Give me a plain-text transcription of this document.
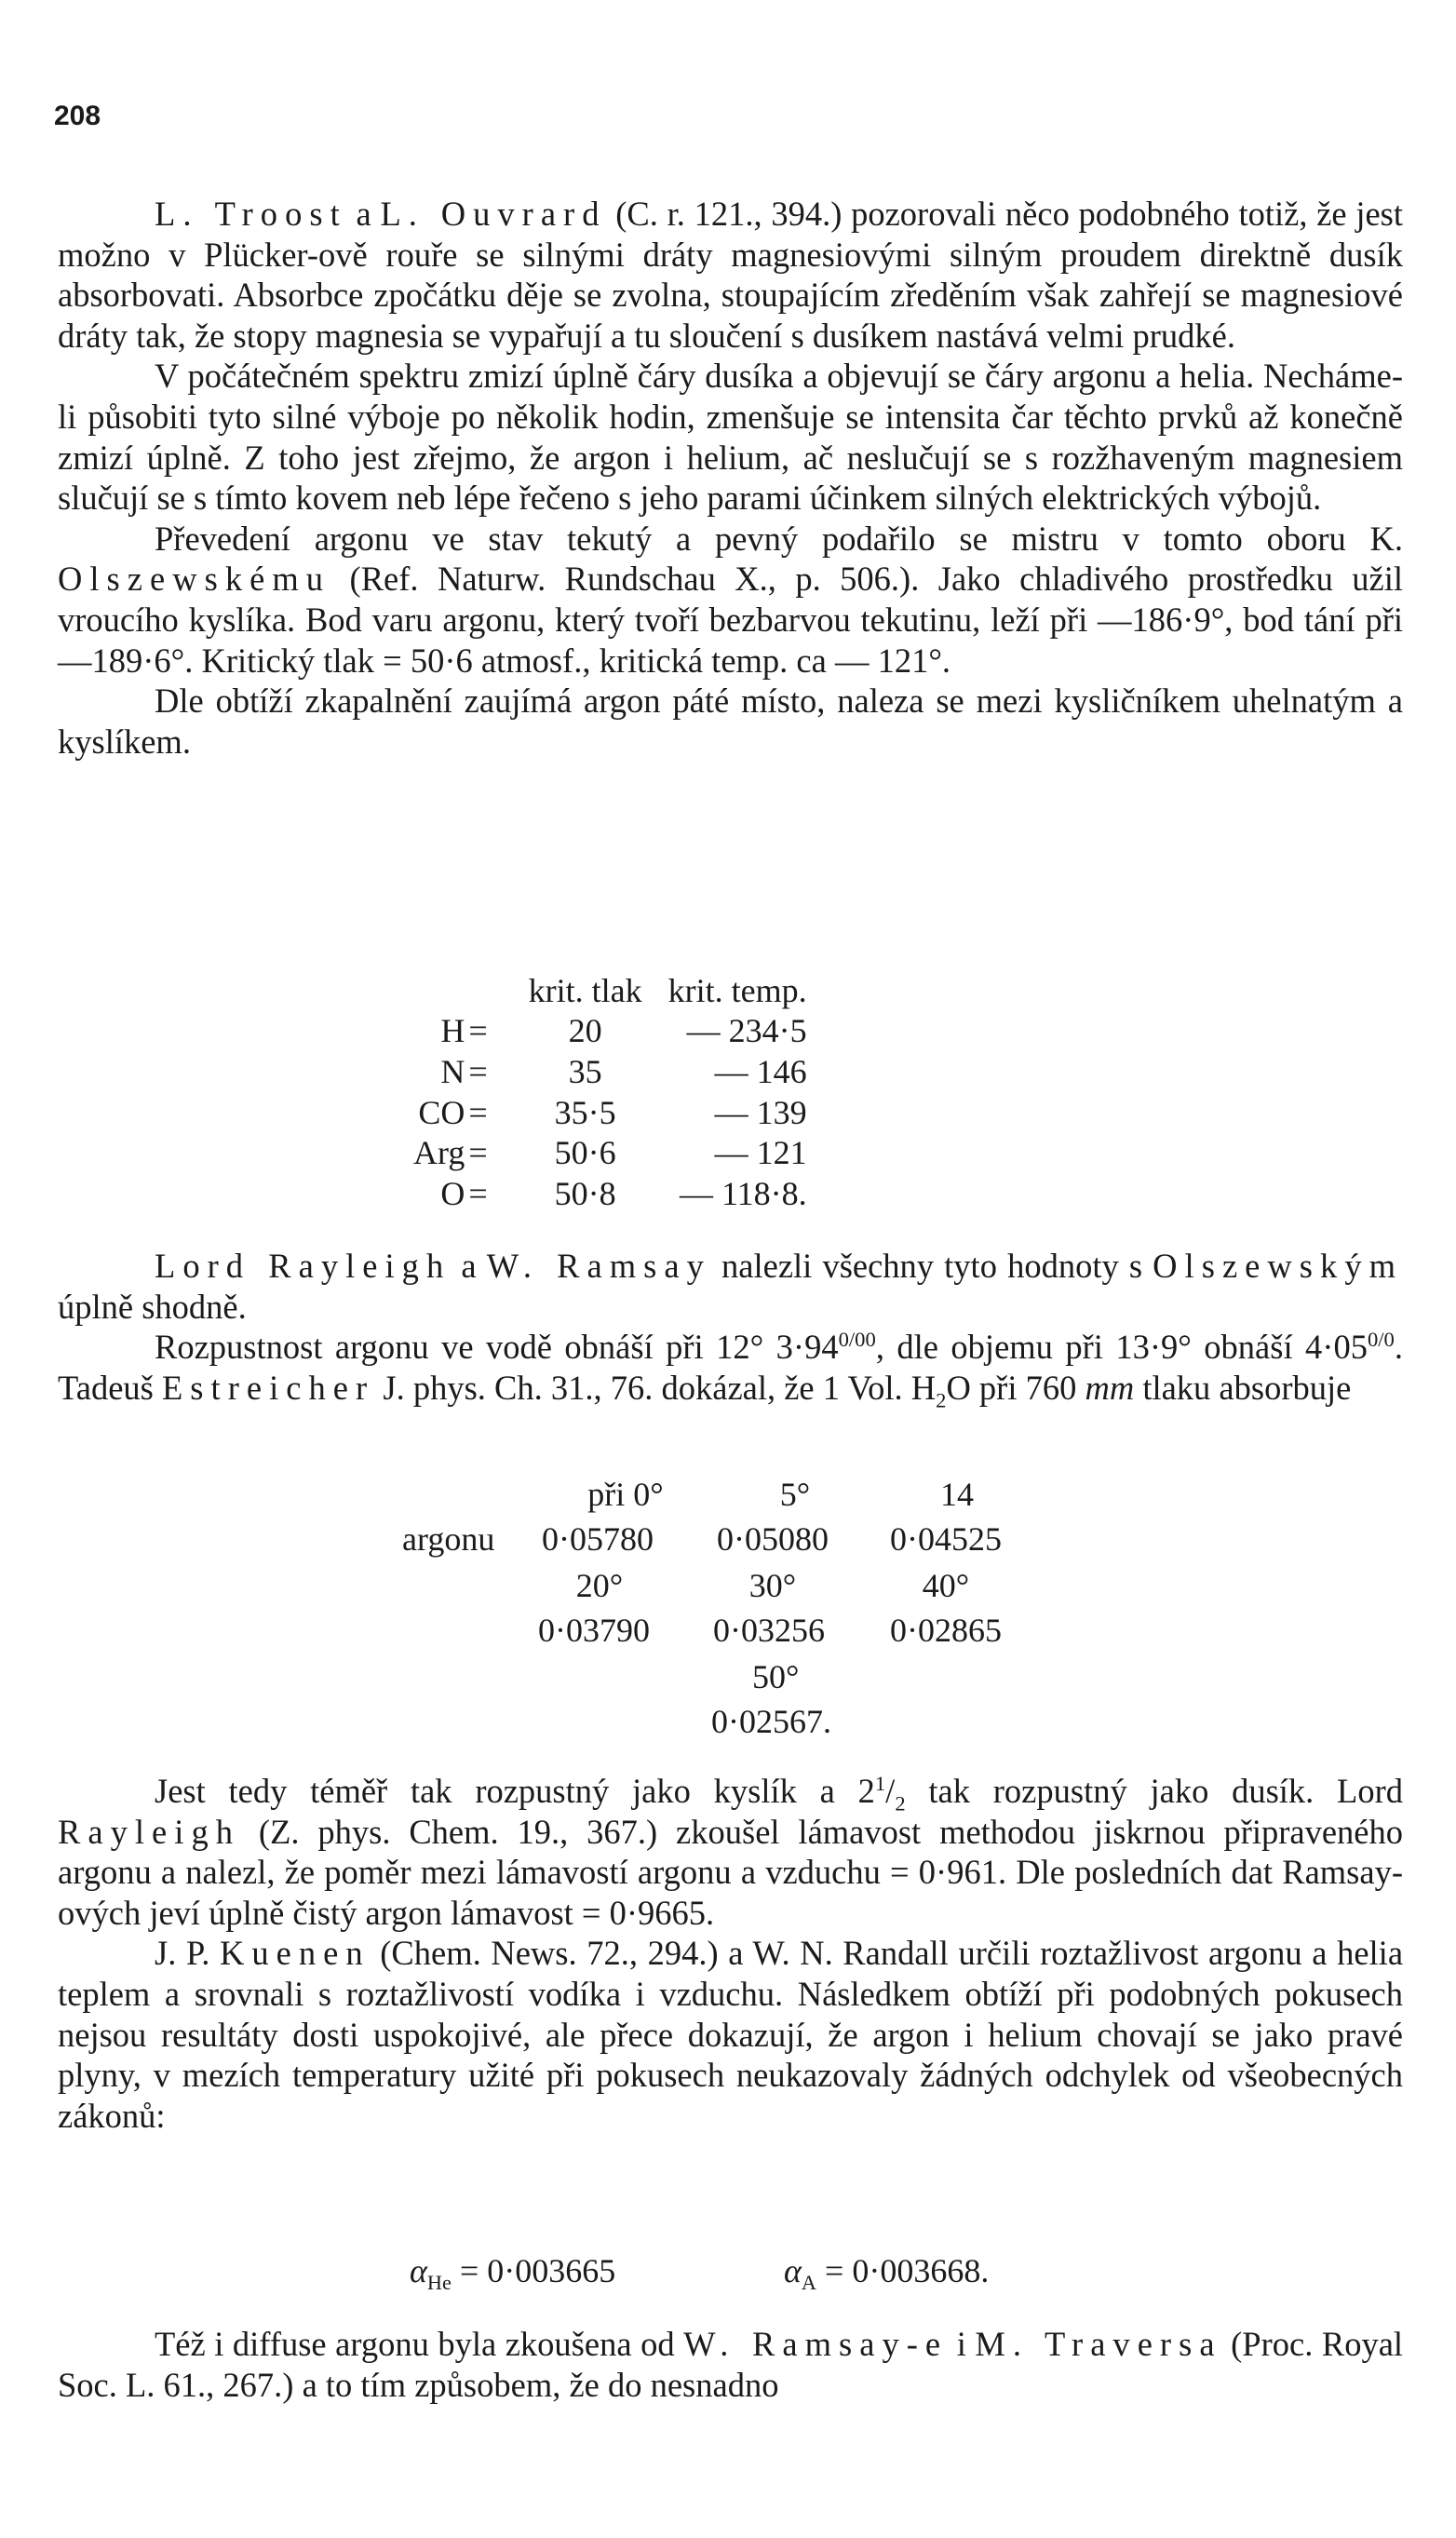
208

L. Troost a L. Ouvrard (C. r. 121., 394.) pozorovali něco podobného totiž, že jest možno v Plücker-ově rouře se silnými dráty magnesiovými silným proudem direktně dusík absorbovati. Absorbce zpočátku děje se zvolna, stoupajícím zředěním však zahřejí se magnesiové dráty tak, že stopy magnesia se vypařují a tu sloučení s dusíkem nastává velmi prudké.

V počátečném spektru zmizí úplně čáry dusíka a objevují se čáry argonu a helia. Necháme-li působiti tyto silné výboje po několik hodin, zmenšuje se intensita čar těchto prvků až konečně zmizí úplně. Z toho jest zřejmo, že argon i helium, ač neslučují se s rozžhaveným magnesiem slučují se s tímto kovem neb lépe řečeno s jeho parami účinkem silných elektrických výbojů.

Převedení argonu ve stav tekutý a pevný podařilo se mistru v tomto oboru K. Olszewskému (Ref. Naturw. Rundschau X., p. 506.). Jako chladivého prostředku užil vroucího kyslíka. Bod varu argonu, který tvoří bezbarvou tekutinu, leží při —186·9°, bod tání při —189·6°. Kritický tlak = 50·6 atmosf., kritická temp. ca — 121°.

Dle obtíží zkapalnění zaujímá argon páté místo, naleza se mezi kysličníkem uhelnatým a kyslíkem.

		krit. tlak	krit. temp.
H	=	20	— 234·5
N	=	35	— 146
CO	=	35·5	— 139
Arg	=	50·6	— 121
O	=	50·8	— 118·8.

Lord Rayleigh a W. Ramsay nalezli všechny tyto hodnoty s Olszewským úplně shodně.

Rozpustnost argonu ve vodě obnáší při 12° $3\cdot 94^{0/00}$, dle objemu při 13·9° obnáší $4\cdot 05^{0/0}$. Tadeuš Estreicher J. phys. Ch. 31., 76. dokázal, že 1 Vol. $H_2O$ při 760 mm tlaku absorbuje

při 0°	5°	14
argonu 0·05780 0·05080 0·04525
20°	30°	40°
0·03790 0·03256 0·02865
50°
0·02567.

Jest tedy téměř tak rozpustný jako kyslík a $2^1/_2$ tak rozpustný jako dusík. Lord Rayleigh (Z. phys. Chem. 19., 367.) zkoušel lámavost methodou jiskrnou připraveného argonu a nalezl, že poměr mezi lámavostí argonu a vzduchu = 0·961. Dle posledních dat Ramsay-ových jeví úplně čistý argon lámavost = 0·9665.

J. P. Kuenen (Chem. News. 72., 294.) a W. N. Randall určili roztažlivost argonu a helia teplem a srovnali s roztažlivostí vodíka i vzduchu. Následkem obtíží při podobných pokusech nejsou resultáty dosti uspokojivé, ale přece dokazují, že argon i helium chovají se jako pravé plyny, v mezích temperatury užité při pokusech neukazovaly žádných odchylek od všeobecných zákonů:

$\alpha_{He} = 0\cdot 003665$	$\alpha_A = 0\cdot 003668$.

Též i diffuse argonu byla zkoušena od W. Ramsay-e i M. Traversa (Proc. Royal Soc. L. 61., 267.) a to tím způsobem, že do nesnadno
